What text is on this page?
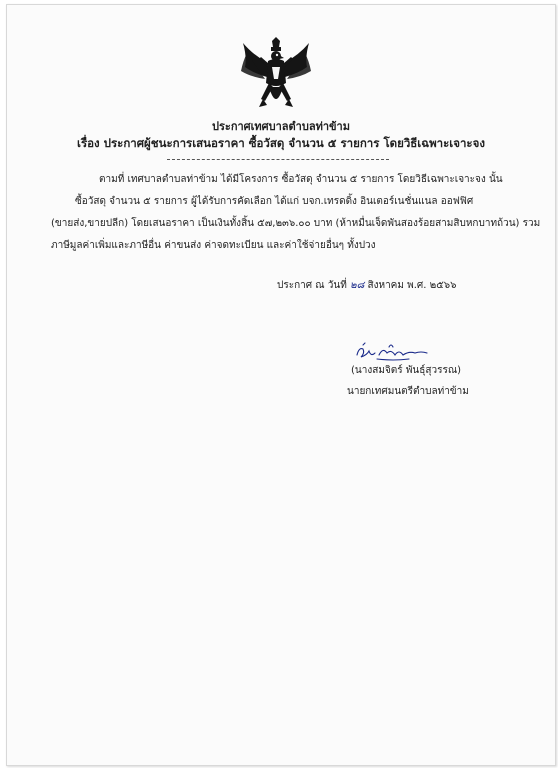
ประกาศเทศบาลตำบลท่าข้าม
เรื่อง ประกาศผู้ชนะการเสนอราคา ซื้อวัสดุ จำนวน ๕ รายการ โดยวิธีเฉพาะเจาะจง
ตามที่ เทศบาลตำบลท่าข้าม ได้มีโครงการ ซื้อวัสดุ จำนวน ๕ รายการ โดยวิธีเฉพาะเจาะจง นั้น
ซื้อวัสดุ จำนวน ๕ รายการ ผู้ได้รับการคัดเลือก ได้แก่ บจก.เทรดดิ้ง อินเตอร์เนชั่นแนล ออฟฟิศ
(ขายส่ง,ขายปลีก) โดยเสนอราคา เป็นเงินทั้งสิ้น ๕๗,๒๓๖.๐๐ บาท (ห้าหมื่นเจ็ดพันสองร้อยสามสิบหกบาทถ้วน) รวม
ภาษีมูลค่าเพิ่มและภาษีอื่น ค่าขนส่ง ค่าจดทะเบียน และค่าใช้จ่ายอื่นๆ ทั้งปวง
ประกาศ ณ วันที่ ๒๘ สิงหาคม พ.ศ. ๒๕๖๖
(นางสมจิตร์ พันธุ์สุวรรณ)
นายกเทศมนตรีตำบลท่าข้าม
